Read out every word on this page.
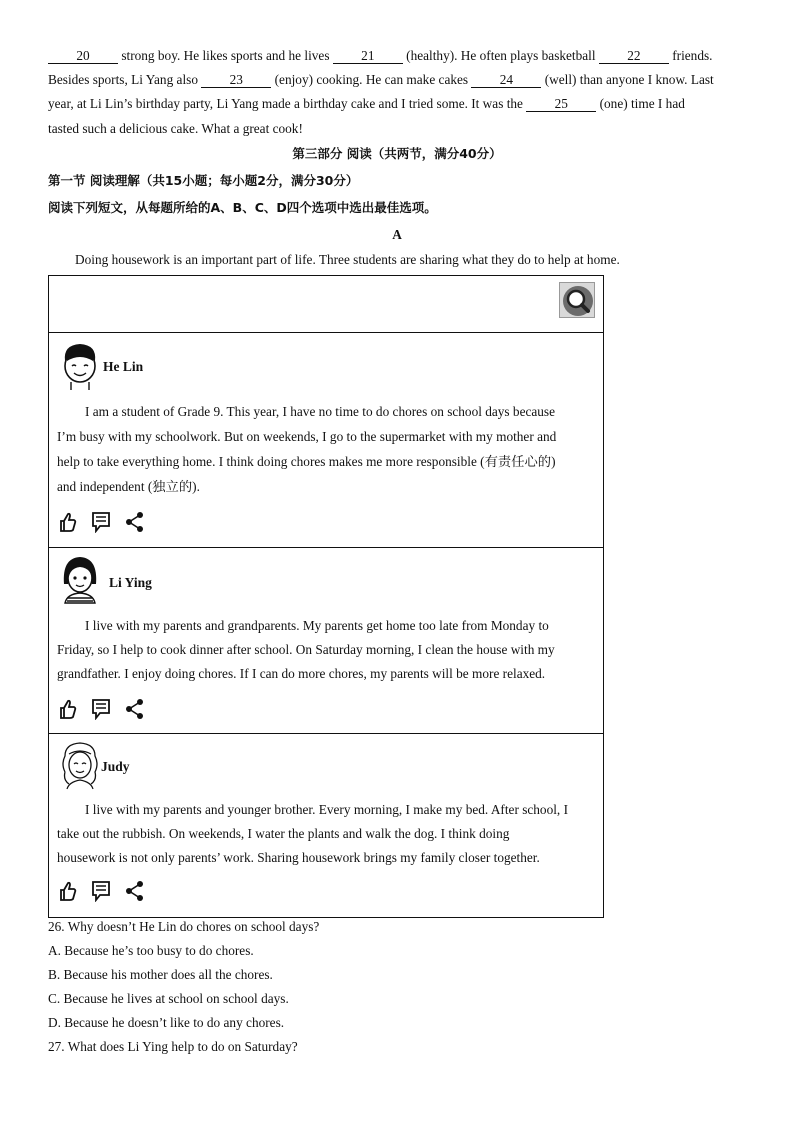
20 strong boy. He likes sports and he lives 21 (healthy). He often plays basketball 22 friends.
Besides sports, Li Yang also 23 (enjoy) cooking. He can make cakes 24 (well) than anyone I know. Last
year, at Li Lin’s birthday party, Li Yang made a birthday cake and I tried some. It was the 25 (one) time I had
tasted such a delicious cake. What a great cook!
第三部分 阅读（共两节，满分40分）
第一节 阅读理解（共15小题；每小题2分，满分30分）
阅读下列短文，从每题所给的A、B、C、D四个选项中选出最佳选项。
A
Doing housework is an important part of life. Three students are sharing what they do to help at home.
He Lin
I am a student of Grade 9. This year, I have no time to do chores on school days because
I’m busy with my schoolwork. But on weekends, I go to the supermarket with my mother and
help to take everything home. I think doing chores makes me more responsible (有责任心的)
and independent (独立的).
Li Ying
I live with my parents and grandparents. My parents get home too late from Monday to
Friday, so I help to cook dinner after school. On Saturday morning, I clean the house with my
grandfather. I enjoy doing chores. If I can do more chores, my parents will be more relaxed.
Judy
I live with my parents and younger brother. Every morning, I make my bed. After school, I
take out the rubbish. On weekends, I water the plants and walk the dog. I think doing
housework is not only parents’ work. Sharing housework brings my family closer together.
26. Why doesn’t He Lin do chores on school days?
A. Because he’s too busy to do chores.
B. Because his mother does all the chores.
C. Because he lives at school on school days.
D. Because he doesn’t like to do any chores.
27. What does Li Ying help to do on Saturday?
